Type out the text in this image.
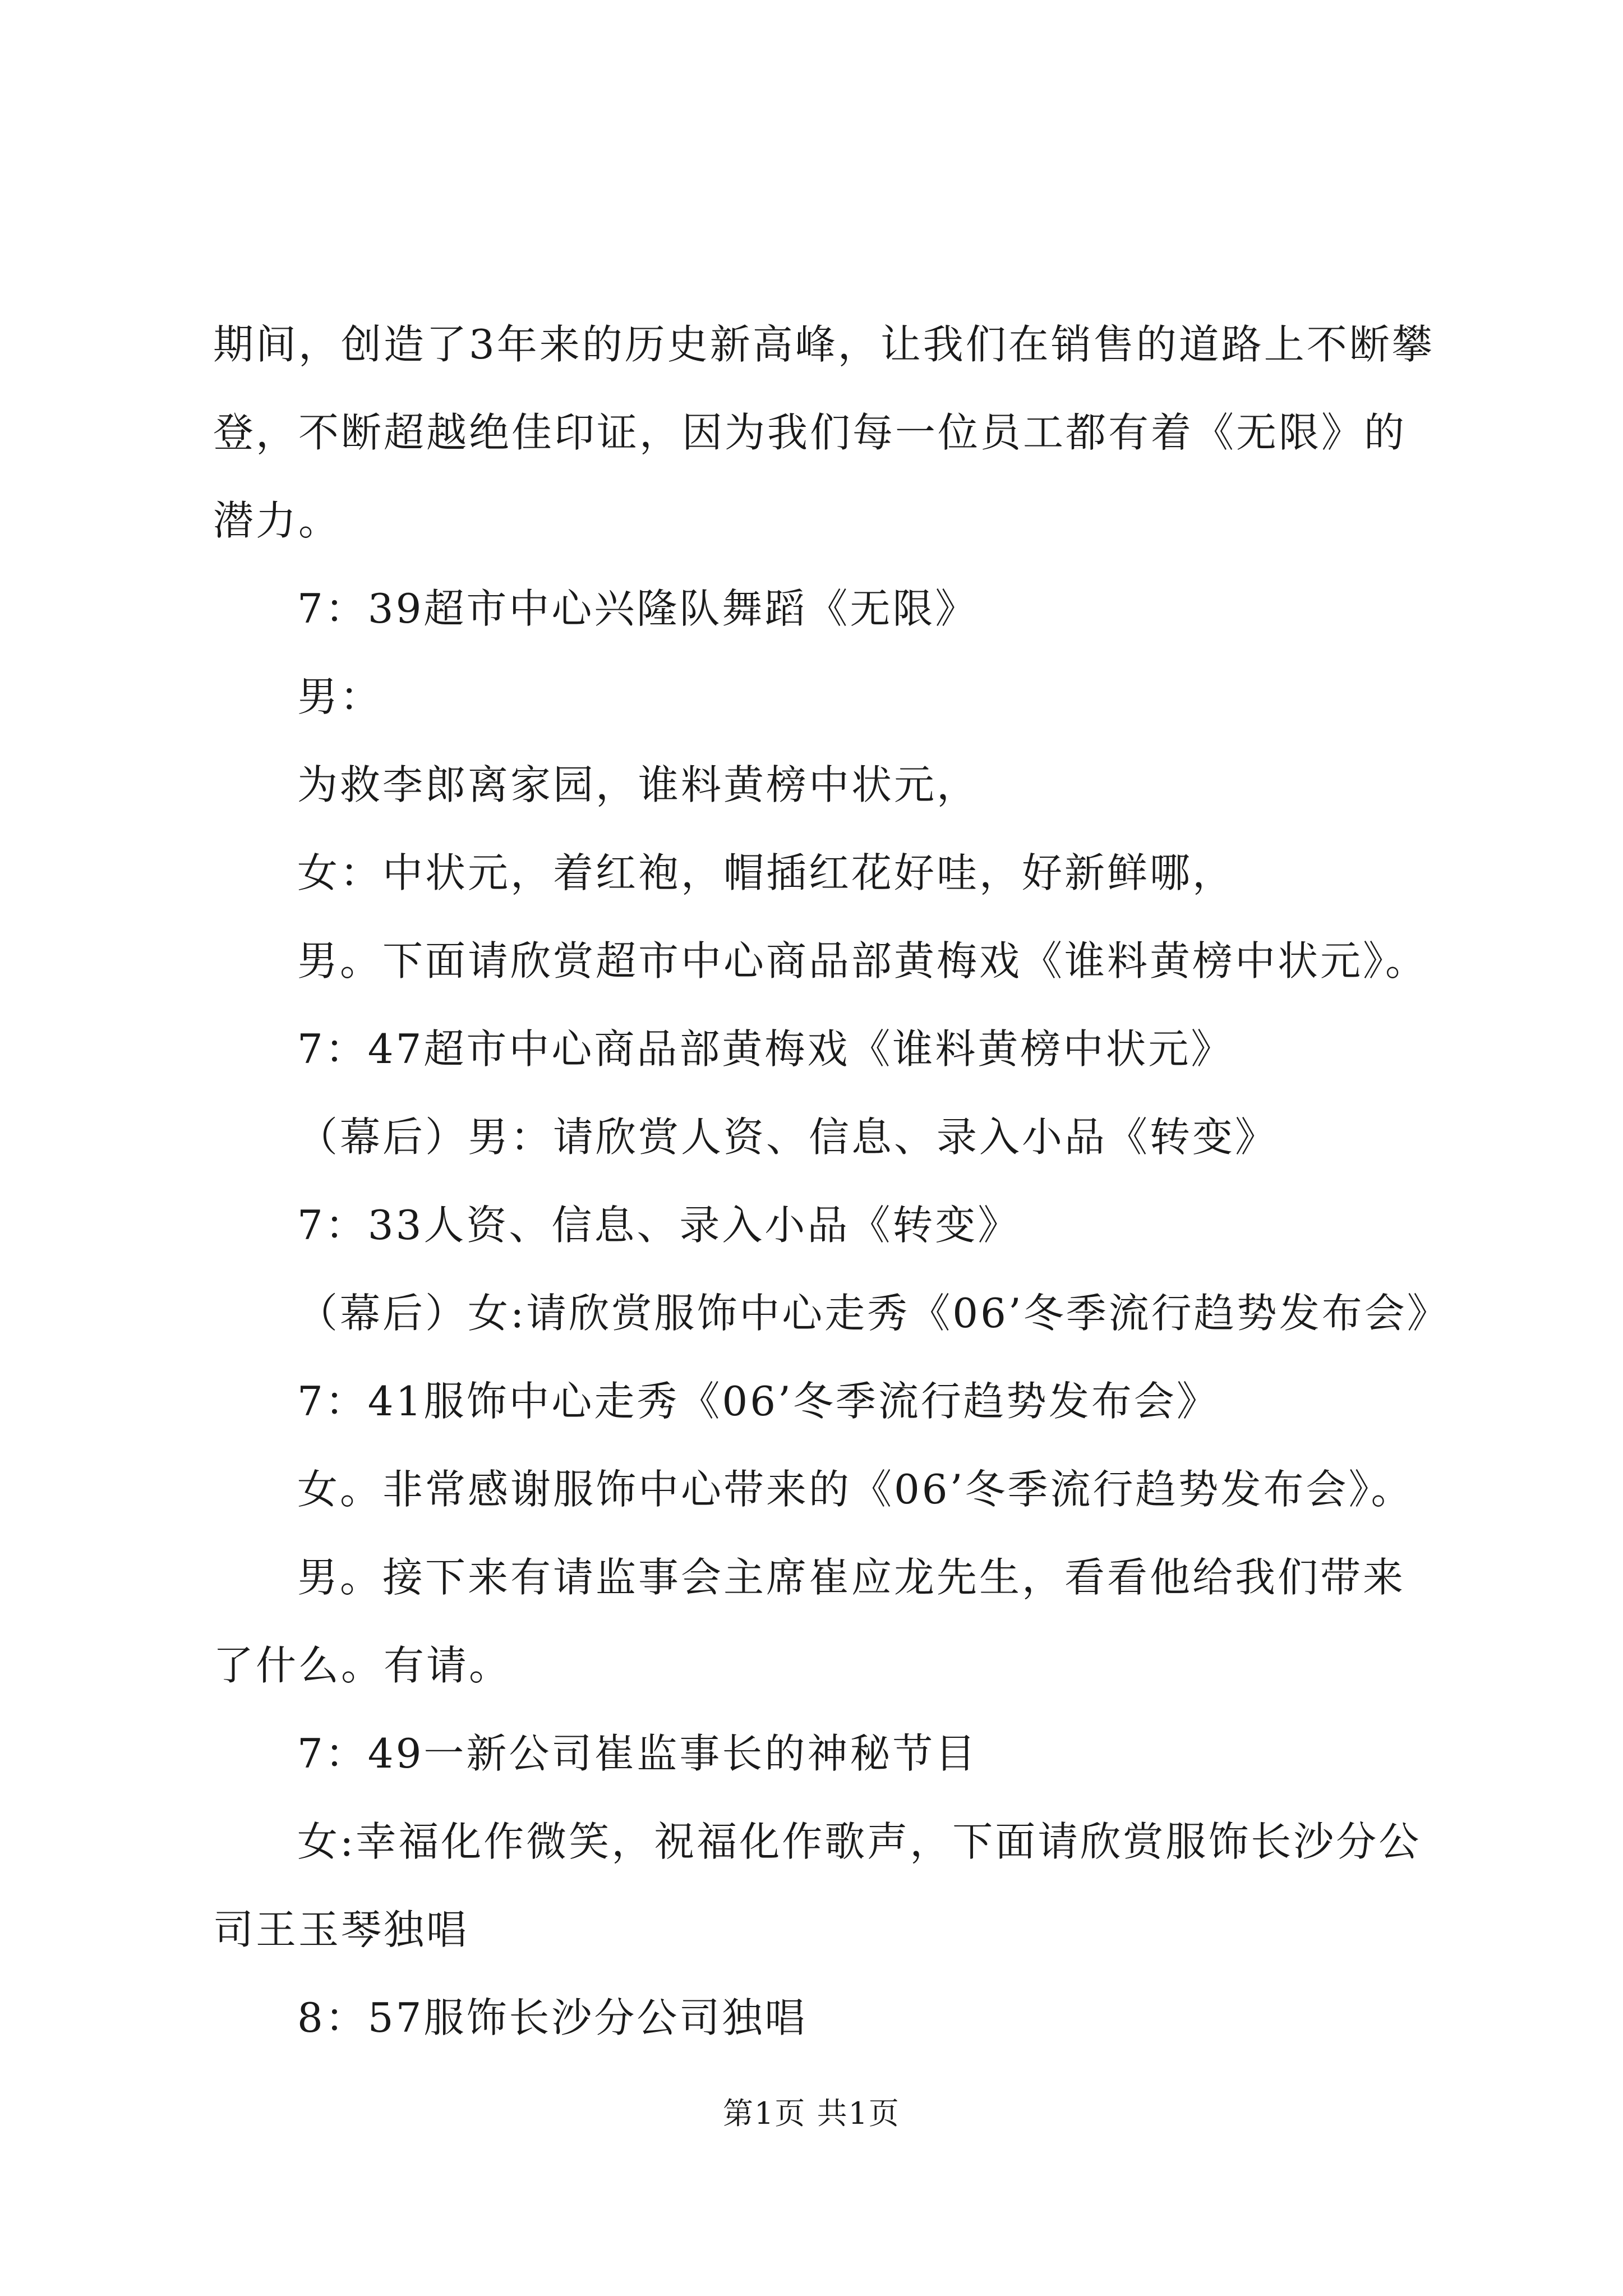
期间，创造了3年来的历史新高峰，让我们在销售的道路上不断攀登，不断超越绝佳印证，因为我们每一位员工都有着《无限》的潜力。

7：39超市中心兴隆队舞蹈《无限》

男：

为救李郎离家园，谁料黄榜中状元，

女：中状元，着红袍，帽插红花好哇，好新鲜哪，

男。下面请欣赏超市中心商品部黄梅戏《谁料黄榜中状元》。

7：47超市中心商品部黄梅戏《谁料黄榜中状元》

（幕后）男：请欣赏人资、信息、录入小品《转变》

7：33人资、信息、录入小品《转变》

（幕后）女:请欣赏服饰中心走秀《06’冬季流行趋势发布会》

7：41服饰中心走秀《06’冬季流行趋势发布会》

女。非常感谢服饰中心带来的《06’冬季流行趋势发布会》。

男。接下来有请监事会主席崔应龙先生，看看他给我们带来了什么。有请。

7：49一新公司崔监事长的神秘节目

女:幸福化作微笑，祝福化作歌声，下面请欣赏服饰长沙分公司王玉琴独唱

8：57服饰长沙分公司独唱

第1页 共1页
